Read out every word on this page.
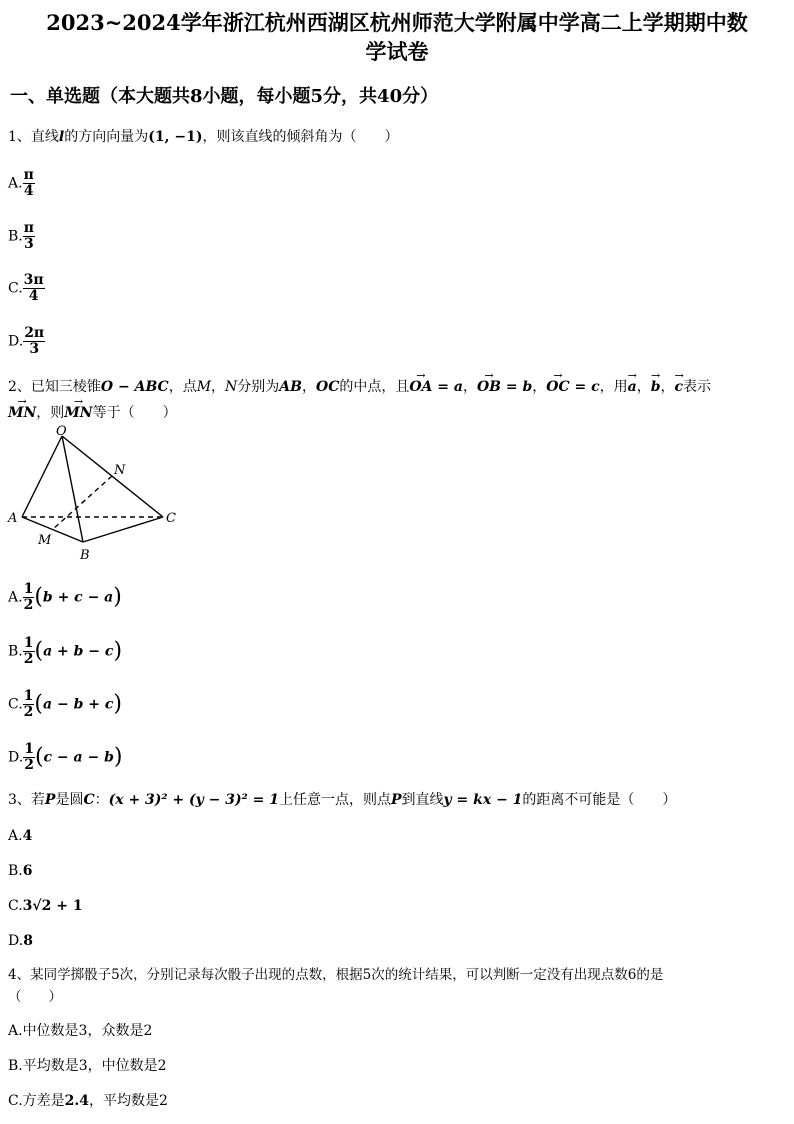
2023~2024学年浙江杭州西湖区杭州师范大学附属中学高二上学期期中数
学试卷
一、单选题（本大题共8小题，每小题5分，共40分）
1、直线l的方向向量为(1, −1)，则该直线的倾斜角为（　　）
A. $\frac{\pi}{4}$
B. $\frac{\pi}{3}$
C. $\frac{3\pi}{4}$
D. $\frac{2\pi}{3}$
2、已知三棱锥O − ABC，点M，N分别为AB，OC的中点，且→ OA = a，→ OB = b，→ OC = c，用→ a，→ b，→ c表示
→ MN，则→ MN等于（　　）
O
N
A	C
M
B
A. $\frac{1}{2} (b + c - a)$
B. $\frac{1}{2} (a + b - c)$
C. $\frac{1}{2} (a - b + c)$
D. $\frac{1}{2} (c - a - b)$
3、若P是圆C：(x + 3)² + (y − 3)² = 1上任意一点，则点P到直线y = kx − 1的距离不可能是（　　）
A.4
B.6
C.3√2 + 1
D.8
4、某同学掷骰子5次，分别记录每次骰子出现的点数，根据5次的统计结果，可以判断一定没有出现点数6的是
（　　）
A.中位数是3，众数是2
B.平均数是3，中位数是2
C.方差是2.4，平均数是2
